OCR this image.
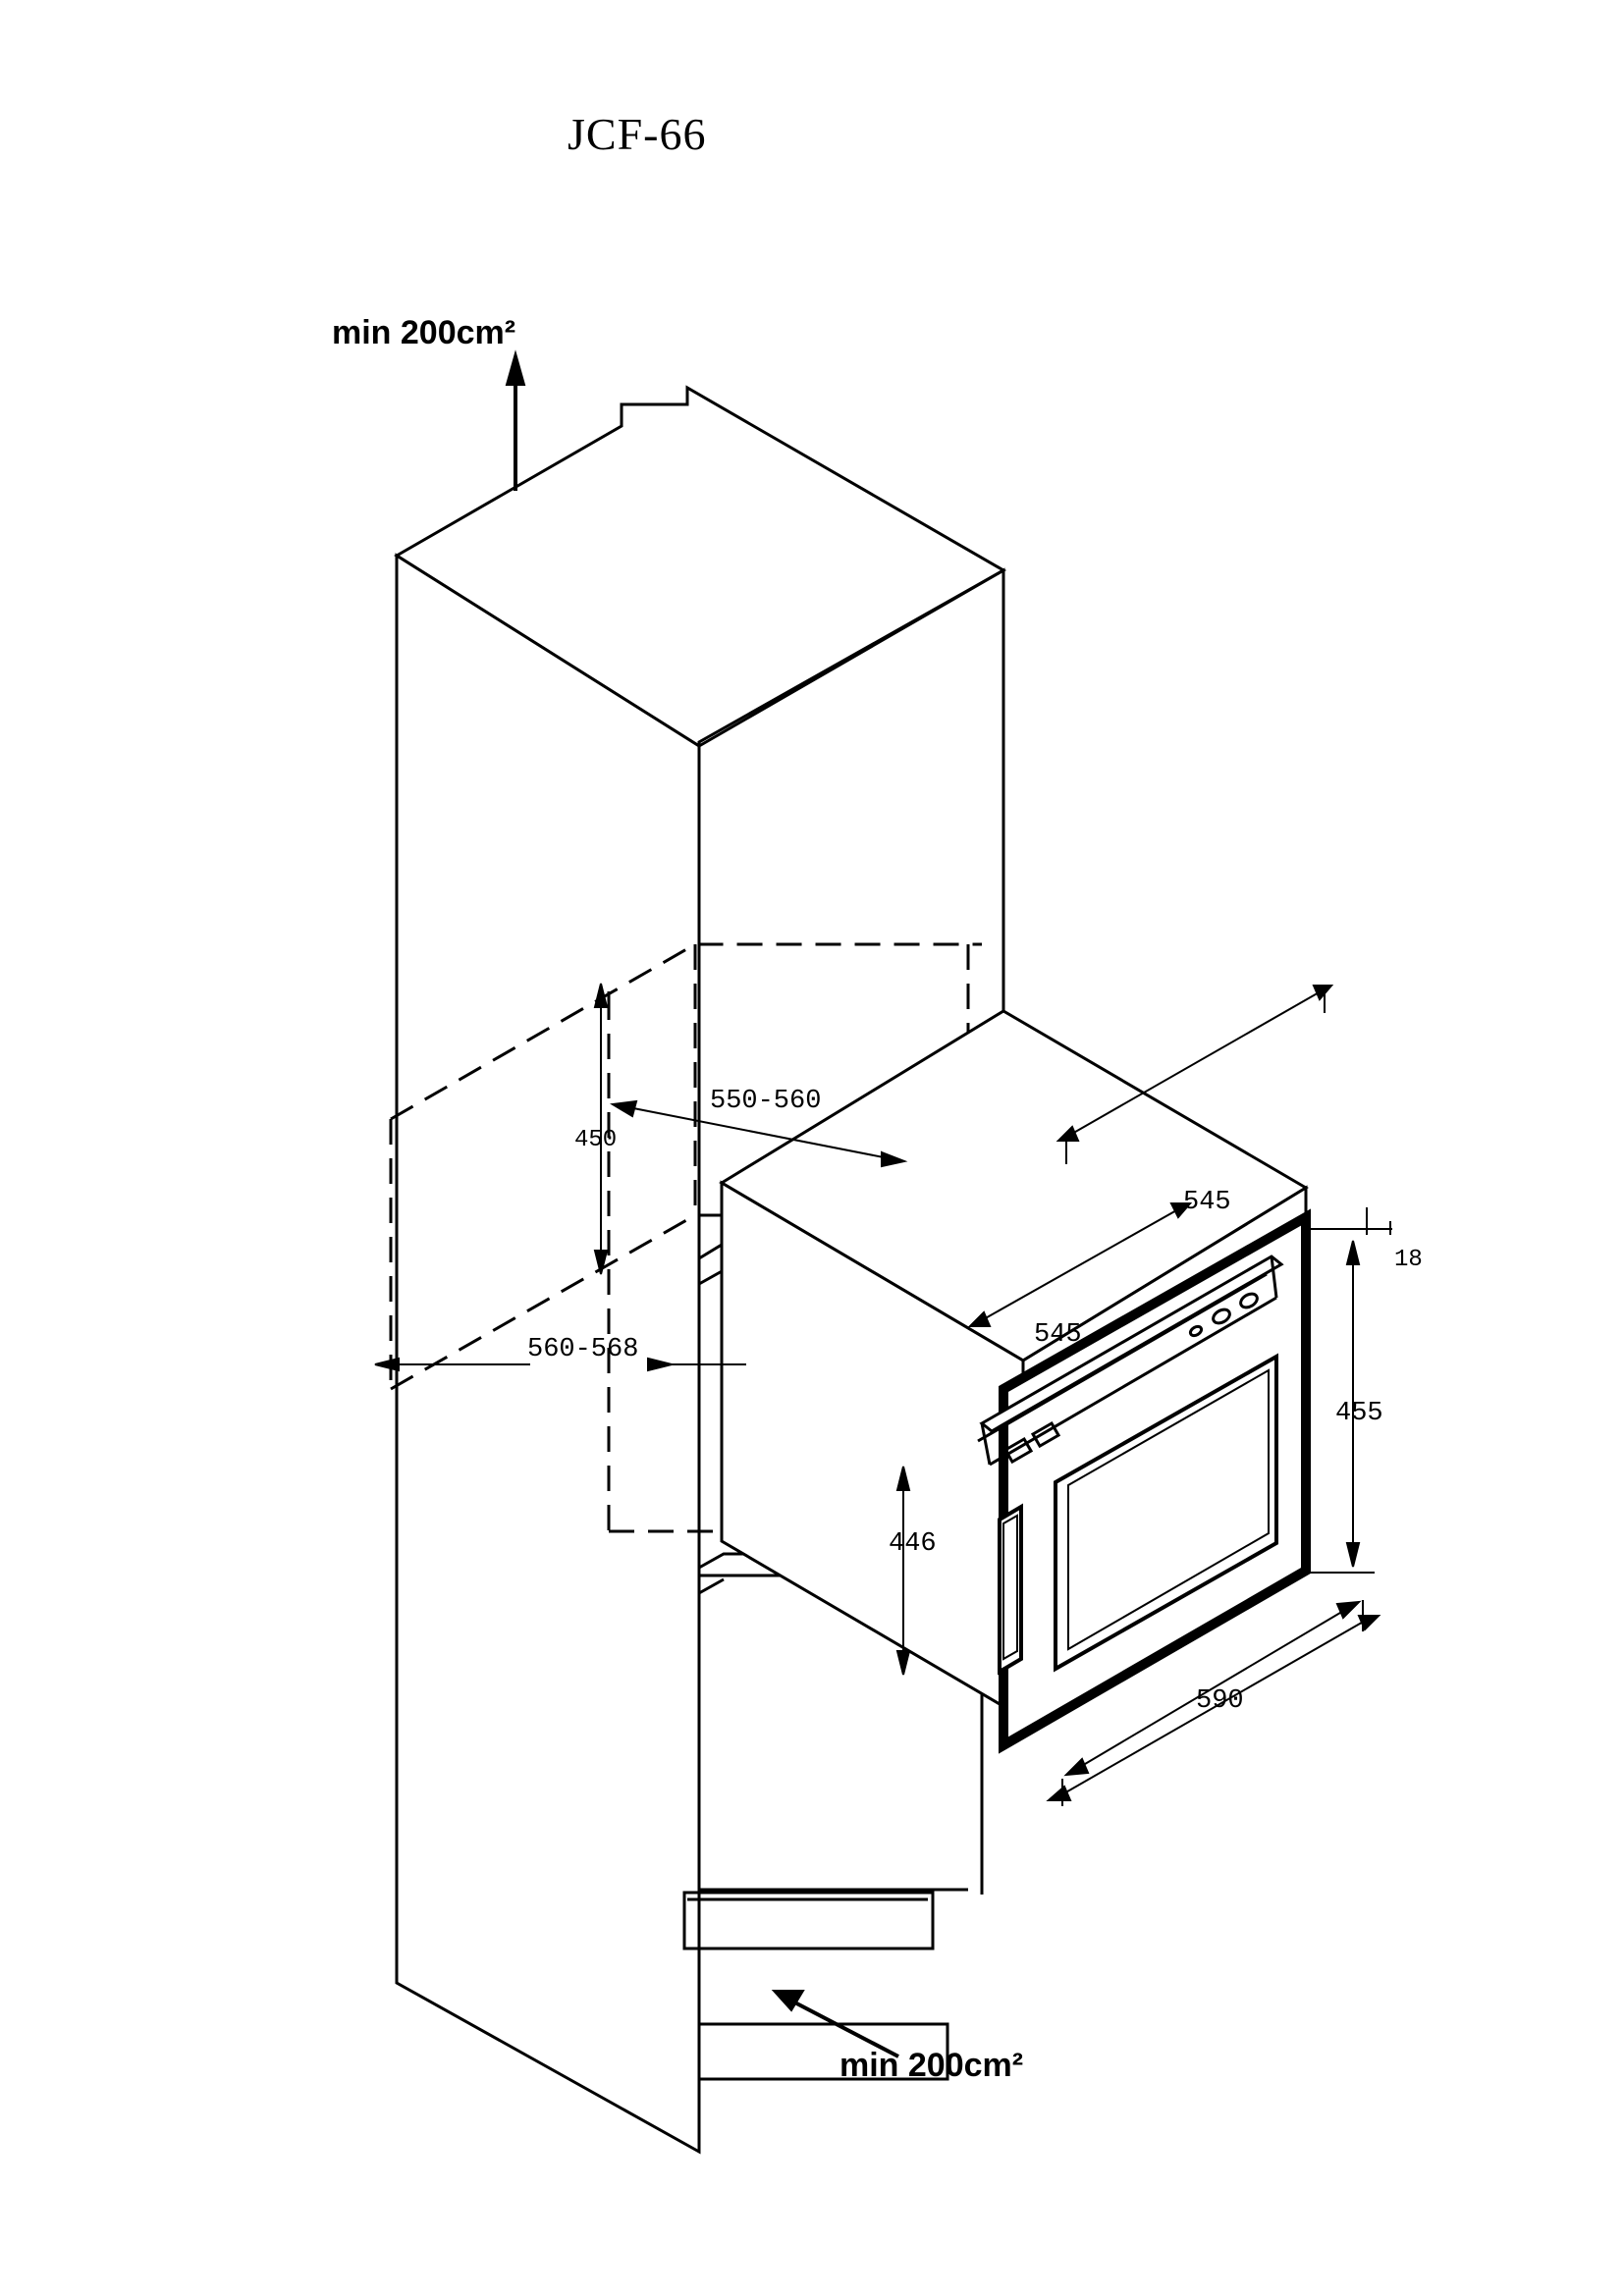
JCF-66
min 200cm²
min 200cm²
450
550-560
560-568
545
545
18
455
446
590
